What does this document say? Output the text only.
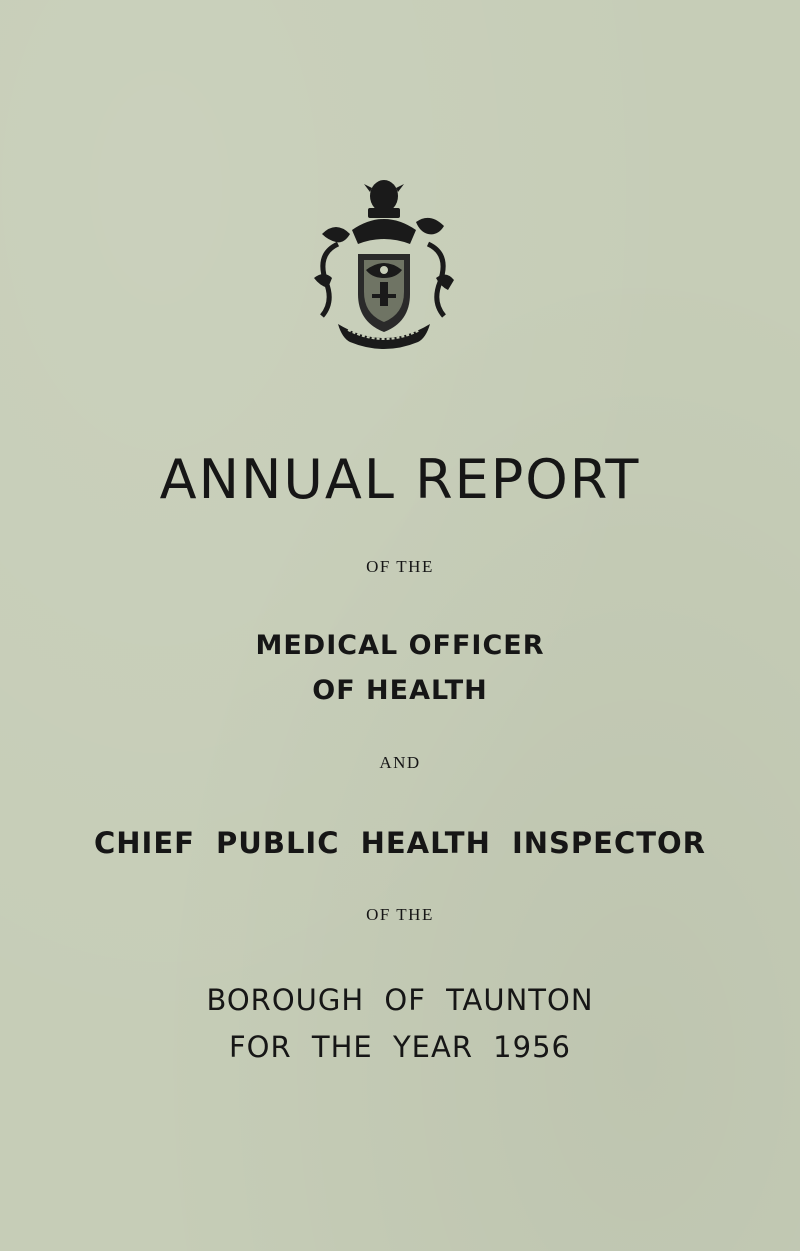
ANNUAL REPORT
OF THE
MEDICAL OFFICER
OF HEALTH
AND
CHIEF PUBLIC HEALTH INSPECTOR
OF THE
BOROUGH OF TAUNTON
FOR THE YEAR 1956
